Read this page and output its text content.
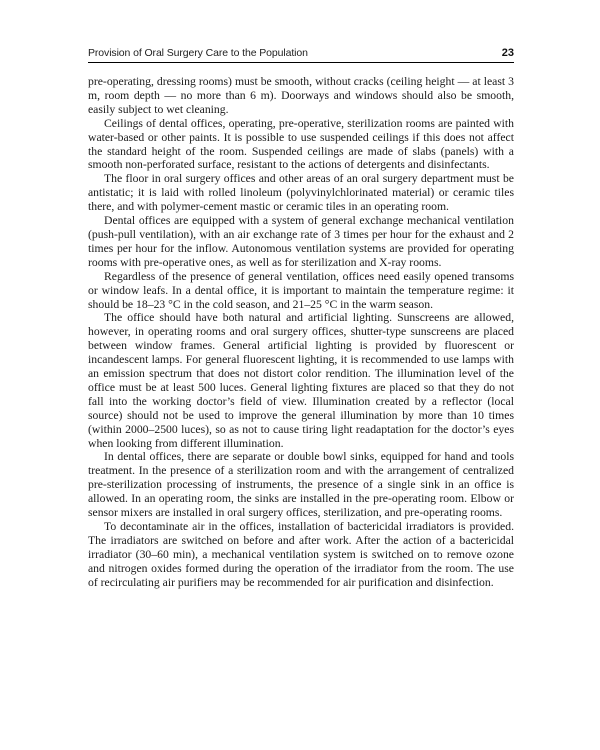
Provision of Oral Surgery Care to the Population	23

pre-operating, dressing rooms) must be smooth, without cracks (ceiling height — at least 3 m, room depth — no more than 6 m). Doorways and windows should also be smooth, easily subject to wet cleaning.

Ceilings of dental offices, operating, pre-operative, sterilization rooms are painted with water-based or other paints. It is possible to use suspended ceilings if this does not affect the standard height of the room. Suspended ceilings are made of slabs (panels) with a smooth non-perforated surface, resistant to the actions of detergents and disinfectants.

The floor in oral surgery offices and other areas of an oral surgery department must be antistatic; it is laid with rolled linoleum (polyvinylchlorinated material) or ceramic tiles there, and with polymer-cement mastic or ceramic tiles in an operating room.

Dental offices are equipped with a system of general exchange mechanical ventilation (push-pull ventilation), with an air exchange rate of 3 times per hour for the exhaust and 2 times per hour for the inflow. Autonomous ventilation systems are provided for operating rooms with pre-operative ones, as well as for sterilization and X-ray rooms.

Regardless of the presence of general ventilation, offices need easily opened transoms or window leafs. In a dental office, it is important to maintain the temperature regime: it should be 18–23 °C in the cold season, and 21–25 °C in the warm season.

The office should have both natural and artificial lighting. Sunscreens are allowed, however, in operating rooms and oral surgery offices, shutter-type sunscreens are placed between window frames. General artificial lighting is provided by fluorescent or incandescent lamps. For general fluorescent lighting, it is recommended to use lamps with an emission spectrum that does not distort color rendition. The illumination level of the office must be at least 500 luces. General lighting fixtures are placed so that they do not fall into the working doctor’s field of view. Illumination created by a reflector (local source) should not be used to improve the general illumination by more than 10 times (within 2000–2500 luces), so as not to cause tiring light readaptation for the doctor’s eyes when looking from different illumination.

In dental offices, there are separate or double bowl sinks, equipped for hand and tools treatment. In the presence of a sterilization room and with the arrangement of centralized pre-sterilization processing of instruments, the presence of a single sink in an office is allowed. In an operating room, the sinks are installed in the pre-operating room. Elbow or sensor mixers are installed in oral surgery offices, sterilization, and pre-operating rooms.

To decontaminate air in the offices, installation of bactericidal irradiators is provided. The irradiators are switched on before and after work. After the action of a bactericidal irradiator (30–60 min), a mechanical ventilation system is switched on to remove ozone and nitrogen oxides formed during the operation of the irradiator from the room. The use of recirculating air purifiers may be recommended for air purification and disinfection.
